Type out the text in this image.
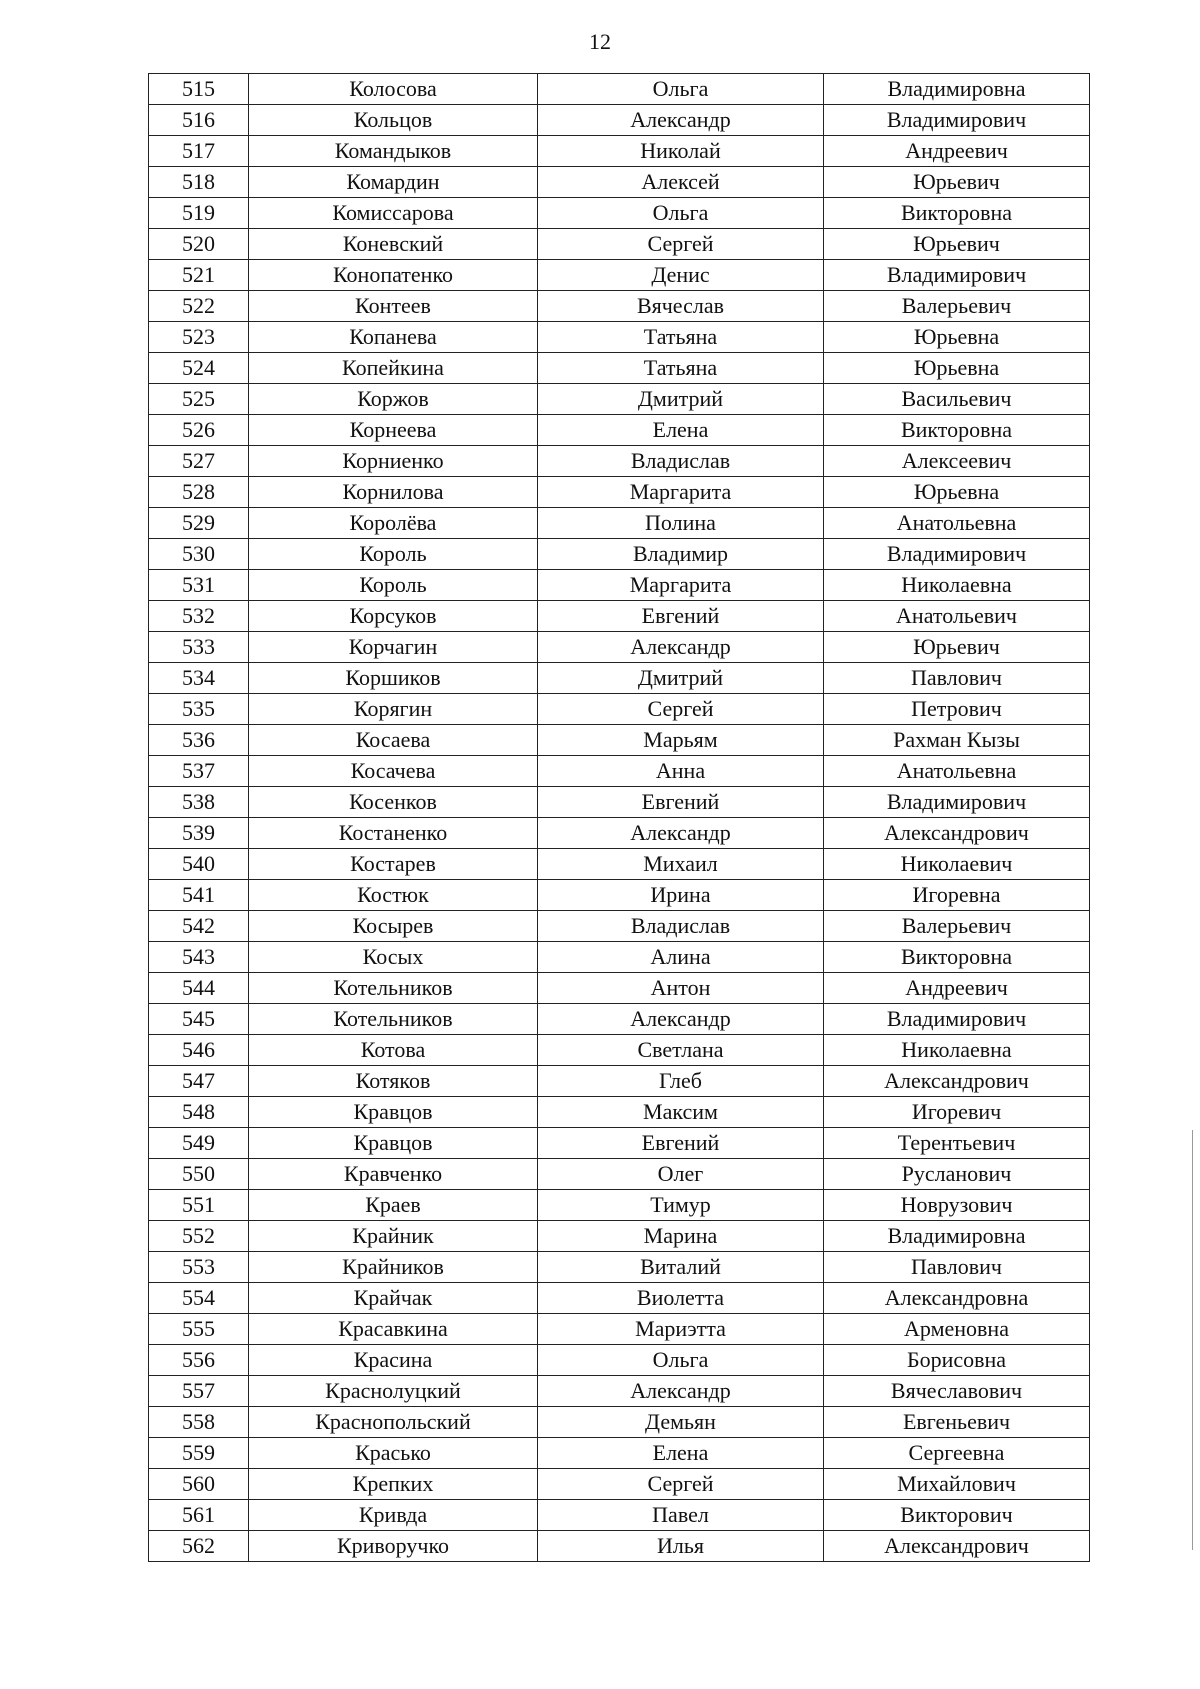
12
515	Колосова	Ольга	Владимировна
516	Кольцов	Александр	Владимирович
517	Командыков	Николай	Андреевич
518	Комардин	Алексей	Юрьевич
519	Комиссарова	Ольга	Викторовна
520	Коневский	Сергей	Юрьевич
521	Конопатенко	Денис	Владимирович
522	Контеев	Вячеслав	Валерьевич
523	Копанева	Татьяна	Юрьевна
524	Копейкина	Татьяна	Юрьевна
525	Коржов	Дмитрий	Васильевич
526	Корнеева	Елена	Викторовна
527	Корниенко	Владислав	Алексеевич
528	Корнилова	Маргарита	Юрьевна
529	Королёва	Полина	Анатольевна
530	Король	Владимир	Владимирович
531	Король	Маргарита	Николаевна
532	Корсуков	Евгений	Анатольевич
533	Корчагин	Александр	Юрьевич
534	Коршиков	Дмитрий	Павлович
535	Корягин	Сергей	Петрович
536	Косаева	Марьям	Рахман Кызы
537	Косачева	Анна	Анатольевна
538	Косенков	Евгений	Владимирович
539	Костаненко	Александр	Александрович
540	Костарев	Михаил	Николаевич
541	Костюк	Ирина	Игоревна
542	Косырев	Владислав	Валерьевич
543	Косых	Алина	Викторовна
544	Котельников	Антон	Андреевич
545	Котельников	Александр	Владимирович
546	Котова	Светлана	Николаевна
547	Котяков	Глеб	Александрович
548	Кравцов	Максим	Игоревич
549	Кравцов	Евгений	Терентьевич
550	Кравченко	Олег	Русланович
551	Краев	Тимур	Новрузович
552	Крайник	Марина	Владимировна
553	Крайников	Виталий	Павлович
554	Крайчак	Виолетта	Александровна
555	Красавкина	Мариэтта	Арменовна
556	Красина	Ольга	Борисовна
557	Краснолуцкий	Александр	Вячеславович
558	Краснопольский	Демьян	Евгеньевич
559	Красько	Елена	Сергеевна
560	Крепких	Сергей	Михайлович
561	Кривда	Павел	Викторович
562	Криворучко	Илья	Александрович
